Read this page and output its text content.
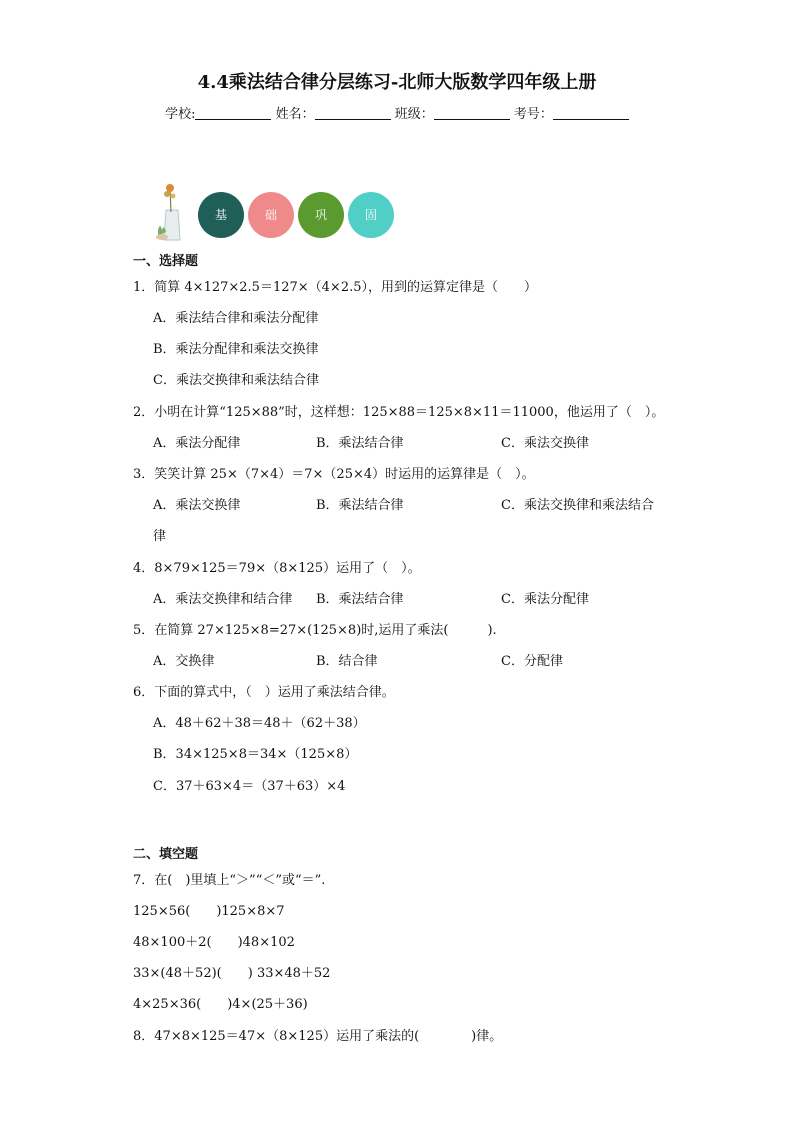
4.4乘法结合律分层练习-北师大版数学四年级上册
学校:	姓名：	班级：	考号：
基	础	巩	固
一、选择题
1．简算 4×127×2.5＝127×（4×2.5），用到的运算定律是（　　）
A．乘法结合律和乘法分配律
B．乘法分配律和乘法交换律
C．乘法交换律和乘法结合律
2．小明在计算“125×88”时，这样想：125×88＝125×8×11＝11000，他运用了（　）。
A．乘法分配律	B．乘法结合律	C．乘法交换律
3．笑笑计算 25×（7×4）＝7×（25×4）时运用的运算律是（　）。
A．乘法交换律	B．乘法结合律	C．乘法交换律和乘法结合
律
4．8×79×125＝79×（8×125）运用了（　）。
A．乘法交换律和结合律 B．乘法结合律	C．乘法分配律
5．在简算 27×125×8=27×(125×8)时,运用了乘法(　　　).
A．交换律	B．结合律	C．分配律
6．下面的算式中，（　）运用了乘法结合律。
A．48＋62＋38＝48＋（62＋38）
B．34×125×8＝34×（125×8）
C．37＋63×4＝（37＋63）×4
二、填空题
7．在(　)里填上“＞”“＜”或“＝”.
125×56(　　)125×8×7
48×100＋2(　　)48×102
33×(48＋52)(　　) 33×48＋52
4×25×36(　　)4×(25＋36)
8．47×8×125＝47×（8×125）运用了乘法的(　　　　)律。
